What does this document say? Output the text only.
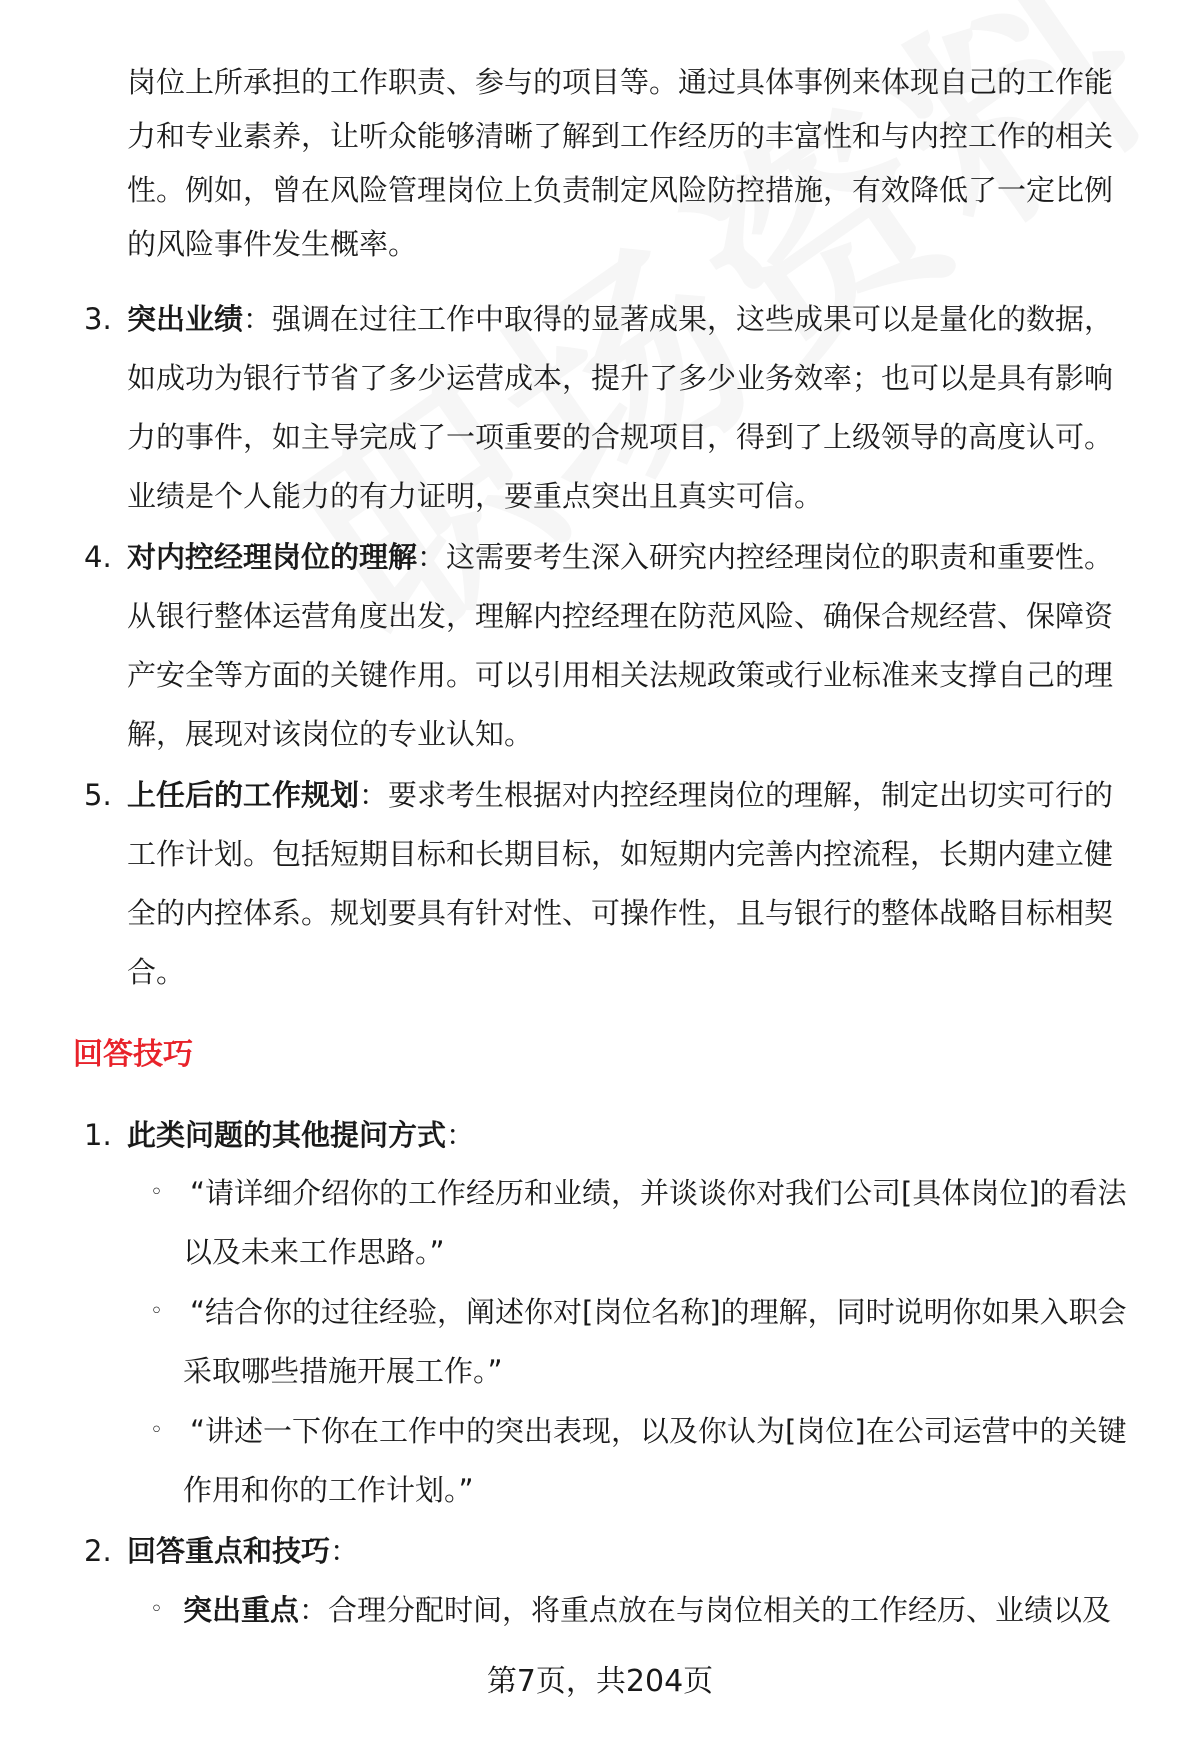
岗位上所承担的工作职责、参与的项目等。通过具体事例来体现自己的工作能
力和专业素养，让听众能够清晰了解到工作经历的丰富性和与内控工作的相关
性。例如，曾在风险管理岗位上负责制定风险防控措施，有效降低了一定比例
的风险事件发生概率。
3. 突出业绩：强调在过往工作中取得的显著成果，这些成果可以是量化的数据，
如成功为银行节省了多少运营成本，提升了多少业务效率；也可以是具有影响
力的事件，如主导完成了一项重要的合规项目，得到了上级领导的高度认可。
业绩是个人能力的有力证明，要重点突出且真实可信。
4. 对内控经理岗位的理解：这需要考生深入研究内控经理岗位的职责和重要性。
从银行整体运营角度出发，理解内控经理在防范风险、确保合规经营、保障资
产安全等方面的关键作用。可以引用相关法规政策或行业标准来支撑自己的理
解，展现对该岗位的专业认知。
5. 上任后的工作规划：要求考生根据对内控经理岗位的理解，制定出切实可行的
工作计划。包括短期目标和长期目标，如短期内完善内控流程，长期内建立健
全的内控体系。规划要具有针对性、可操作性，且与银行的整体战略目标相契
合。
回答技巧
1. 此类问题的其他提问方式：
◦ “请详细介绍你的工作经历和业绩，并谈谈你对我们公司[具体岗位]的看法
以及未来工作思路。”
◦ “结合你的过往经验，阐述你对[岗位名称]的理解，同时说明你如果入职会
采取哪些措施开展工作。”
◦ “讲述一下你在工作中的突出表现，以及你认为[岗位]在公司运营中的关键
作用和你的工作计划。”
2. 回答重点和技巧：
◦ 突出重点：合理分配时间，将重点放在与岗位相关的工作经历、业绩以及
第7页，共204页
